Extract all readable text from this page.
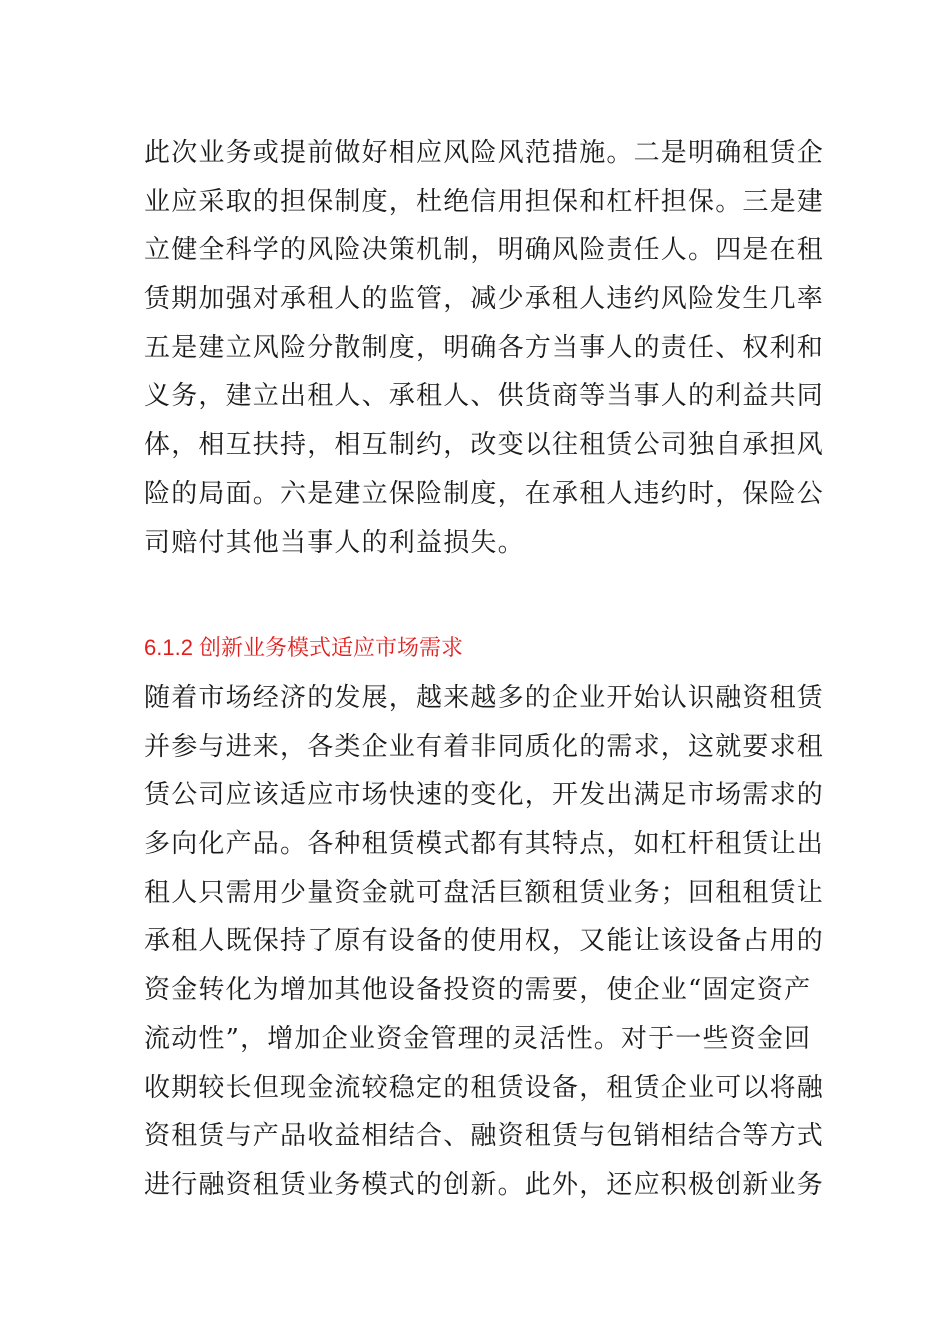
此次业务或提前做好相应风险风范措施。二是明确租赁企
业应采取的担保制度，杜绝信用担保和杠杆担保。三是建
立健全科学的风险决策机制，明确风险责任人。四是在租
赁期加强对承租人的监管，减少承租人违约风险发生几率
五是建立风险分散制度，明确各方当事人的责任、权利和
义务，建立出租人、承租人、供货商等当事人的利益共同
体，相互扶持，相互制约，改变以往租赁公司独自承担风
险的局面。六是建立保险制度，在承租人违约时，保险公
司赔付其他当事人的利益损失。
6.1.2 创新业务模式适应市场需求
随着市场经济的发展，越来越多的企业开始认识融资租赁
并参与进来，各类企业有着非同质化的需求，这就要求租
赁公司应该适应市场快速的变化，开发出满足市场需求的
多向化产品。各种租赁模式都有其特点，如杠杆租赁让出
租人只需用少量资金就可盘活巨额租赁业务；回租租赁让
承租人既保持了原有设备的使用权，又能让该设备占用的
资金转化为增加其他设备投资的需要，使企业“固定资产
流动性”，增加企业资金管理的灵活性。对于一些资金回
收期较长但现金流较稳定的租赁设备，租赁企业可以将融
资租赁与产品收益相结合、融资租赁与包销相结合等方式
进行融资租赁业务模式的创新。此外，还应积极创新业务
